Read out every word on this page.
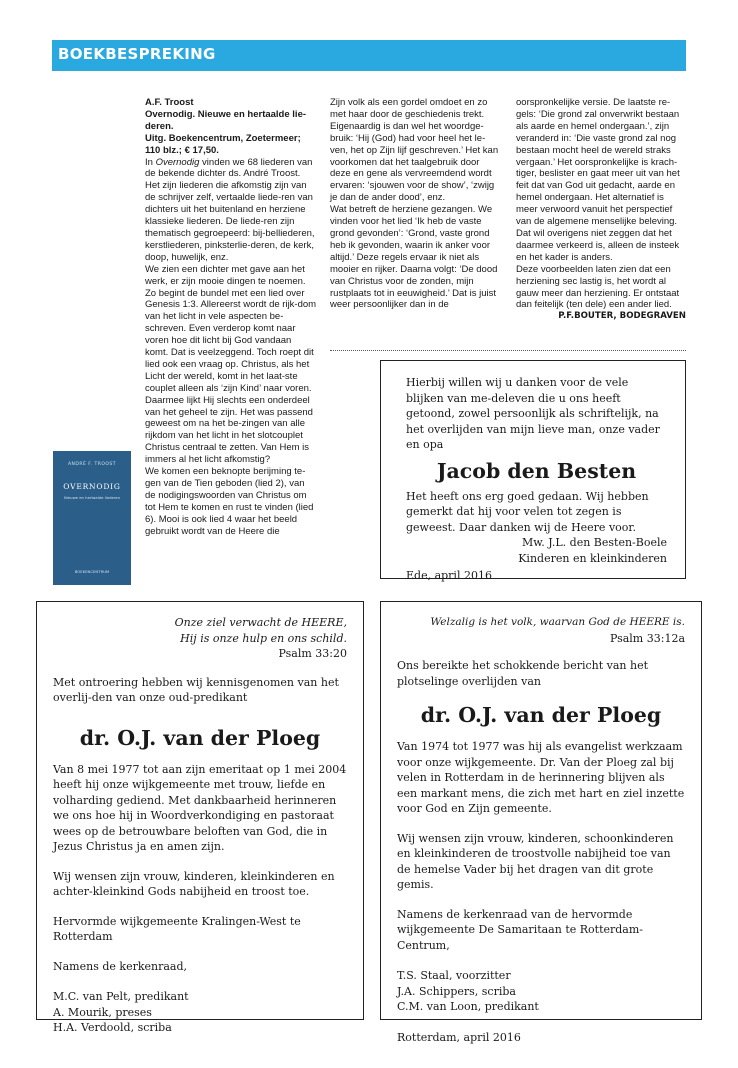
BOEKBESPREKING

A.F. Troost

Overnodig. Nieuwe en hertaalde lie-

deren.

Uitg. Boekencentrum, Zoetermeer;

110 blz.; € 17,50.

In Overnodig vinden we 68 liederen van de bekende dichter ds. André Troost. Het zijn liederen die afkomstig zijn van de schrijver zelf, vertaalde liede-ren van dichters uit het buitenland en herziene klassieke liederen. De liede-ren zijn thematisch gegroepeerd: bij-belliederen, kerstliederen, pinksterlie-deren, de kerk, doop, huwelijk, enz.

We zien een dichter met gave aan het werk, er zijn mooie dingen te noemen. Zo begint de bundel met een lied over Genesis 1:3. Allereerst wordt de rijk-dom van het licht in vele aspecten be-schreven. Even verderop komt naar voren hoe dit licht bij God vandaan komt. Dat is veelzeggend. Toch roept dit lied ook een vraag op. Christus, als het Licht der wereld, komt in het laat-ste couplet alleen als ‘zijn Kind’ naar voren. Daarmee lijkt Hij slechts een onderdeel van het geheel te zijn. Het was passend geweest om na het be-zingen van alle rijkdom van het licht in het slotcouplet Christus centraal te zetten. Van Hem is immers al het licht afkomstig?

We komen een beknopte berijming te-gen van de Tien geboden (lied 2), van de nodigingswoorden van Christus om tot Hem te komen en rust te vinden (lied 6). Mooi is ook lied 4 waar het beeld gebruikt wordt van de Heere die

Zijn volk als een gordel omdoet en zo met haar door de geschiedenis trekt. Eigenaardig is dan wel het woordge-bruik: ‘Hij (God) had voor heel het le-ven, het op Zijn lijf geschreven.’ Het kan voorkomen dat het taalgebruik door deze en gene als vervreemdend wordt ervaren: ‘sjouwen voor de show’, ‘zwijg je dan de ander dood’, enz.

Wat betreft de herziene gezangen. We vinden voor het lied ‘Ik heb de vaste grond gevonden’: ‘Grond, vaste grond heb ik gevonden, waarin ik anker voor altijd.’ Deze regels ervaar ik niet als mooier en rijker. Daarna volgt: ‘De dood van Christus voor de zonden, mijn rustplaats tot in eeuwigheid.’ Dat is juist weer persoonlijker dan in de

oorspronkelijke versie. De laatste re-gels: ‘Die grond zal onverwrikt bestaan als aarde en hemel ondergaan.’, zijn veranderd in: ‘Die vaste grond zal nog bestaan mocht heel de wereld straks vergaan.’ Het oorspronkelijke is krach-tiger, beslister en gaat meer uit van het feit dat van God uit gedacht, aarde en hemel ondergaan. Het alternatief is meer verwoord vanuit het perspectief van de algemene menselijke beleving. Dat wil overigens niet zeggen dat het daarmee verkeerd is, alleen de insteek en het kader is anders.

Deze voorbeelden laten zien dat een herziening sec lastig is, het wordt al gauw meer dan herziening. Er ontstaat dan feitelijk (ten dele) een ander lied.

P.F.BOUTER, BODEGRAVEN

ANDRÉ F. TROOST
OVERNODIG
Nieuwe en hertaalde liederen
BOEKENCENTRUM

Hierbij willen wij u danken voor de vele blijken van me-deleven die u ons heeft getoond, zowel persoonlijk als schriftelijk, na het overlijden van mijn lieve man, onze vader en opa

Jacob den Besten

Het heeft ons erg goed gedaan. Wij hebben gemerkt dat hij voor velen tot zegen is geweest. Daar danken wij de Heere voor.

Mw. J.L. den Besten-Boele

Kinderen en kleinkinderen

Ede, april 2016

Onze ziel verwacht de HEERE,

Hij is onze hulp en ons schild.

Psalm 33:20

Met ontroering hebben wij kennisgenomen van het overlij-den van onze oud-predikant

dr. O.J. van der Ploeg

Van 8 mei 1977 tot aan zijn emeritaat op 1 mei 2004 heeft hij onze wijkgemeente met trouw, liefde en volharding gediend. Met dankbaarheid herinneren we ons hoe hij in Woordverkondiging en pastoraat wees op de betrouwbare beloften van God, die in Jezus Christus ja en amen zijn.

Wij wensen zijn vrouw, kinderen, kleinkinderen en achter-kleinkind Gods nabijheid en troost toe.

Hervormde wijkgemeente Kralingen-West te Rotterdam

Namens de kerkenraad,

M.C. van Pelt, predikant

A. Mourik, preses

H.A. Verdoold, scriba

Welzalig is het volk, waarvan God de HEERE is.

Psalm 33:12a

Ons bereikte het schokkende bericht van het plotselinge overlijden van

dr. O.J. van der Ploeg

Van 1974 tot 1977 was hij als evangelist werkzaam voor onze wijkgemeente. Dr. Van der Ploeg zal bij velen in Rotterdam in de herinnering blijven als een markant mens, die zich met hart en ziel inzette voor God en Zijn gemeente.

Wij wensen zijn vrouw, kinderen, schoonkinderen en kleinkinderen de troostvolle nabijheid toe van de hemelse Vader bij het dragen van dit grote gemis.

Namens de kerkenraad van de hervormde wijkgemeente De Samaritaan te Rotterdam-Centrum,

T.S. Staal, voorzitter

J.A. Schippers, scriba

C.M. van Loon, predikant

Rotterdam, april 2016
